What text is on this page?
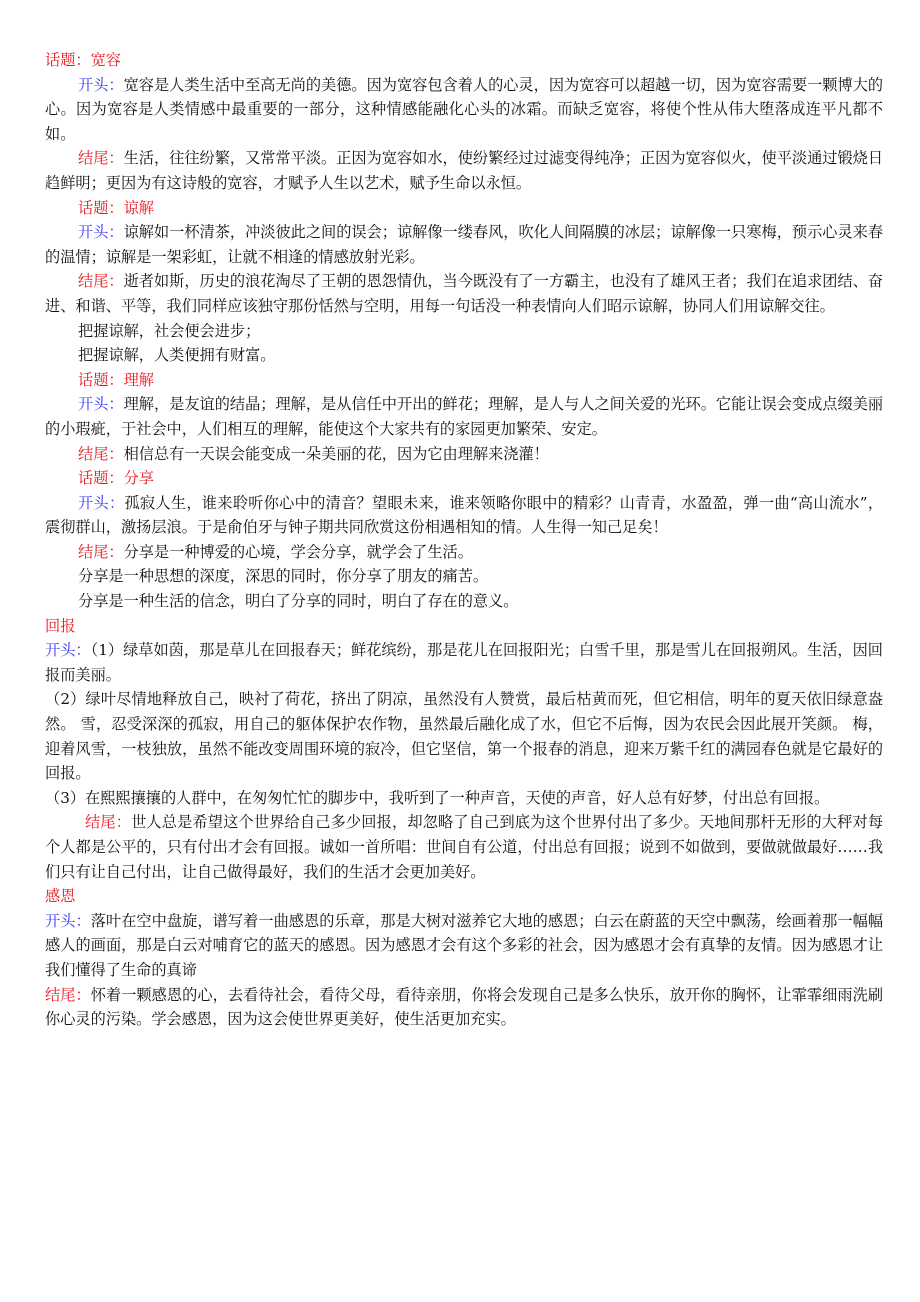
话题：宽容

开头：宽容是人类生活中至高无尚的美德。因为宽容包含着人的心灵，因为宽容可以超越一切，因为宽容需要一颗博大的心。因为宽容是人类情感中最重要的一部分，这种情感能融化心头的冰霜。而缺乏宽容，将使个性从伟大堕落成连平凡都不如。

结尾：生活，往往纷繁，又常常平淡。正因为宽容如水，使纷繁经过过滤变得纯净；正因为宽容似火，使平淡通过锻烧日趋鲜明；更因为有这诗般的宽容，才赋予人生以艺术，赋予生命以永恒。

话题：谅解

开头：谅解如一杯清茶，冲淡彼此之间的误会；谅解像一缕春风，吹化人间隔膜的冰层；谅解像一只寒梅，预示心灵来春的温情；谅解是一架彩虹，让就不相逢的情感放射光彩。

结尾：逝者如斯，历史的浪花淘尽了王朝的恩怨情仇，当今既没有了一方霸主，也没有了雄风王者；我们在追求团结、奋进、和谐、平等，我们同样应该独守那份恬然与空明，用每一句话没一种表情向人们昭示谅解，协同人们用谅解交往。

把握谅解，社会便会进步；

把握谅解，人类便拥有财富。

话题：理解

开头：理解，是友谊的结晶；理解，是从信任中开出的鲜花；理解，是人与人之间关爱的光环。它能让误会变成点缀美丽的小瑕疵，于社会中，人们相互的理解，能使这个大家共有的家园更加繁荣、安定。

结尾：相信总有一天误会能变成一朵美丽的花，因为它由理解来浇灌！

话题：分享

开头：孤寂人生，谁来聆听你心中的清音？望眼未来，谁来领略你眼中的精彩？山青青，水盈盈，弹一曲“高山流水”，震彻群山，激扬层浪。于是俞伯牙与钟子期共同欣赏这份相遇相知的情。人生得一知己足矣！

结尾：分享是一种博爱的心境，学会分享，就学会了生活。

分享是一种思想的深度，深思的同时，你分享了朋友的痛苦。

分享是一种生活的信念，明白了分享的同时，明白了存在的意义。

回报

开头：（1）绿草如茵，那是草儿在回报春天；鲜花缤纷，那是花儿在回报阳光；白雪千里，那是雪儿在回报朔风。生活，因回报而美丽。

（2）绿叶尽情地释放自己，映衬了荷花，挤出了阴凉，虽然没有人赞赏，最后枯黄而死，但它相信，明年的夏天依旧绿意盎然。 雪，忍受深深的孤寂，用自己的躯体保护农作物，虽然最后融化成了水，但它不后悔，因为农民会因此展开笑颜。 梅，迎着风雪，一枝独放，虽然不能改变周围环境的寂冷，但它坚信，第一个报春的消息，迎来万紫千红的满园春色就是它最好的回报。

（3）在熙熙攘攘的人群中，在匆匆忙忙的脚步中，我听到了一种声音，天使的声音，好人总有好梦，付出总有回报。

结尾：世人总是希望这个世界给自己多少回报，却忽略了自己到底为这个世界付出了多少。天地间那杆无形的大秤对每个人都是公平的，只有付出才会有回报。诚如一首所唱：世间自有公道，付出总有回报；说到不如做到，要做就做最好……我们只有让自己付出，让自己做得最好，我们的生活才会更加美好。

感恩

开头：落叶在空中盘旋，谱写着一曲感恩的乐章，那是大树对滋养它大地的感恩；白云在蔚蓝的天空中飘荡，绘画着那一幅幅感人的画面，那是白云对哺育它的蓝天的感恩。因为感恩才会有这个多彩的社会，因为感恩才会有真挚的友情。因为感恩才让我们懂得了生命的真谛

结尾：怀着一颗感恩的心，去看待社会，看待父母，看待亲朋，你将会发现自己是多么快乐，放开你的胸怀，让霏霏细雨洗刷你心灵的污染。学会感恩，因为这会使世界更美好，使生活更加充实。
